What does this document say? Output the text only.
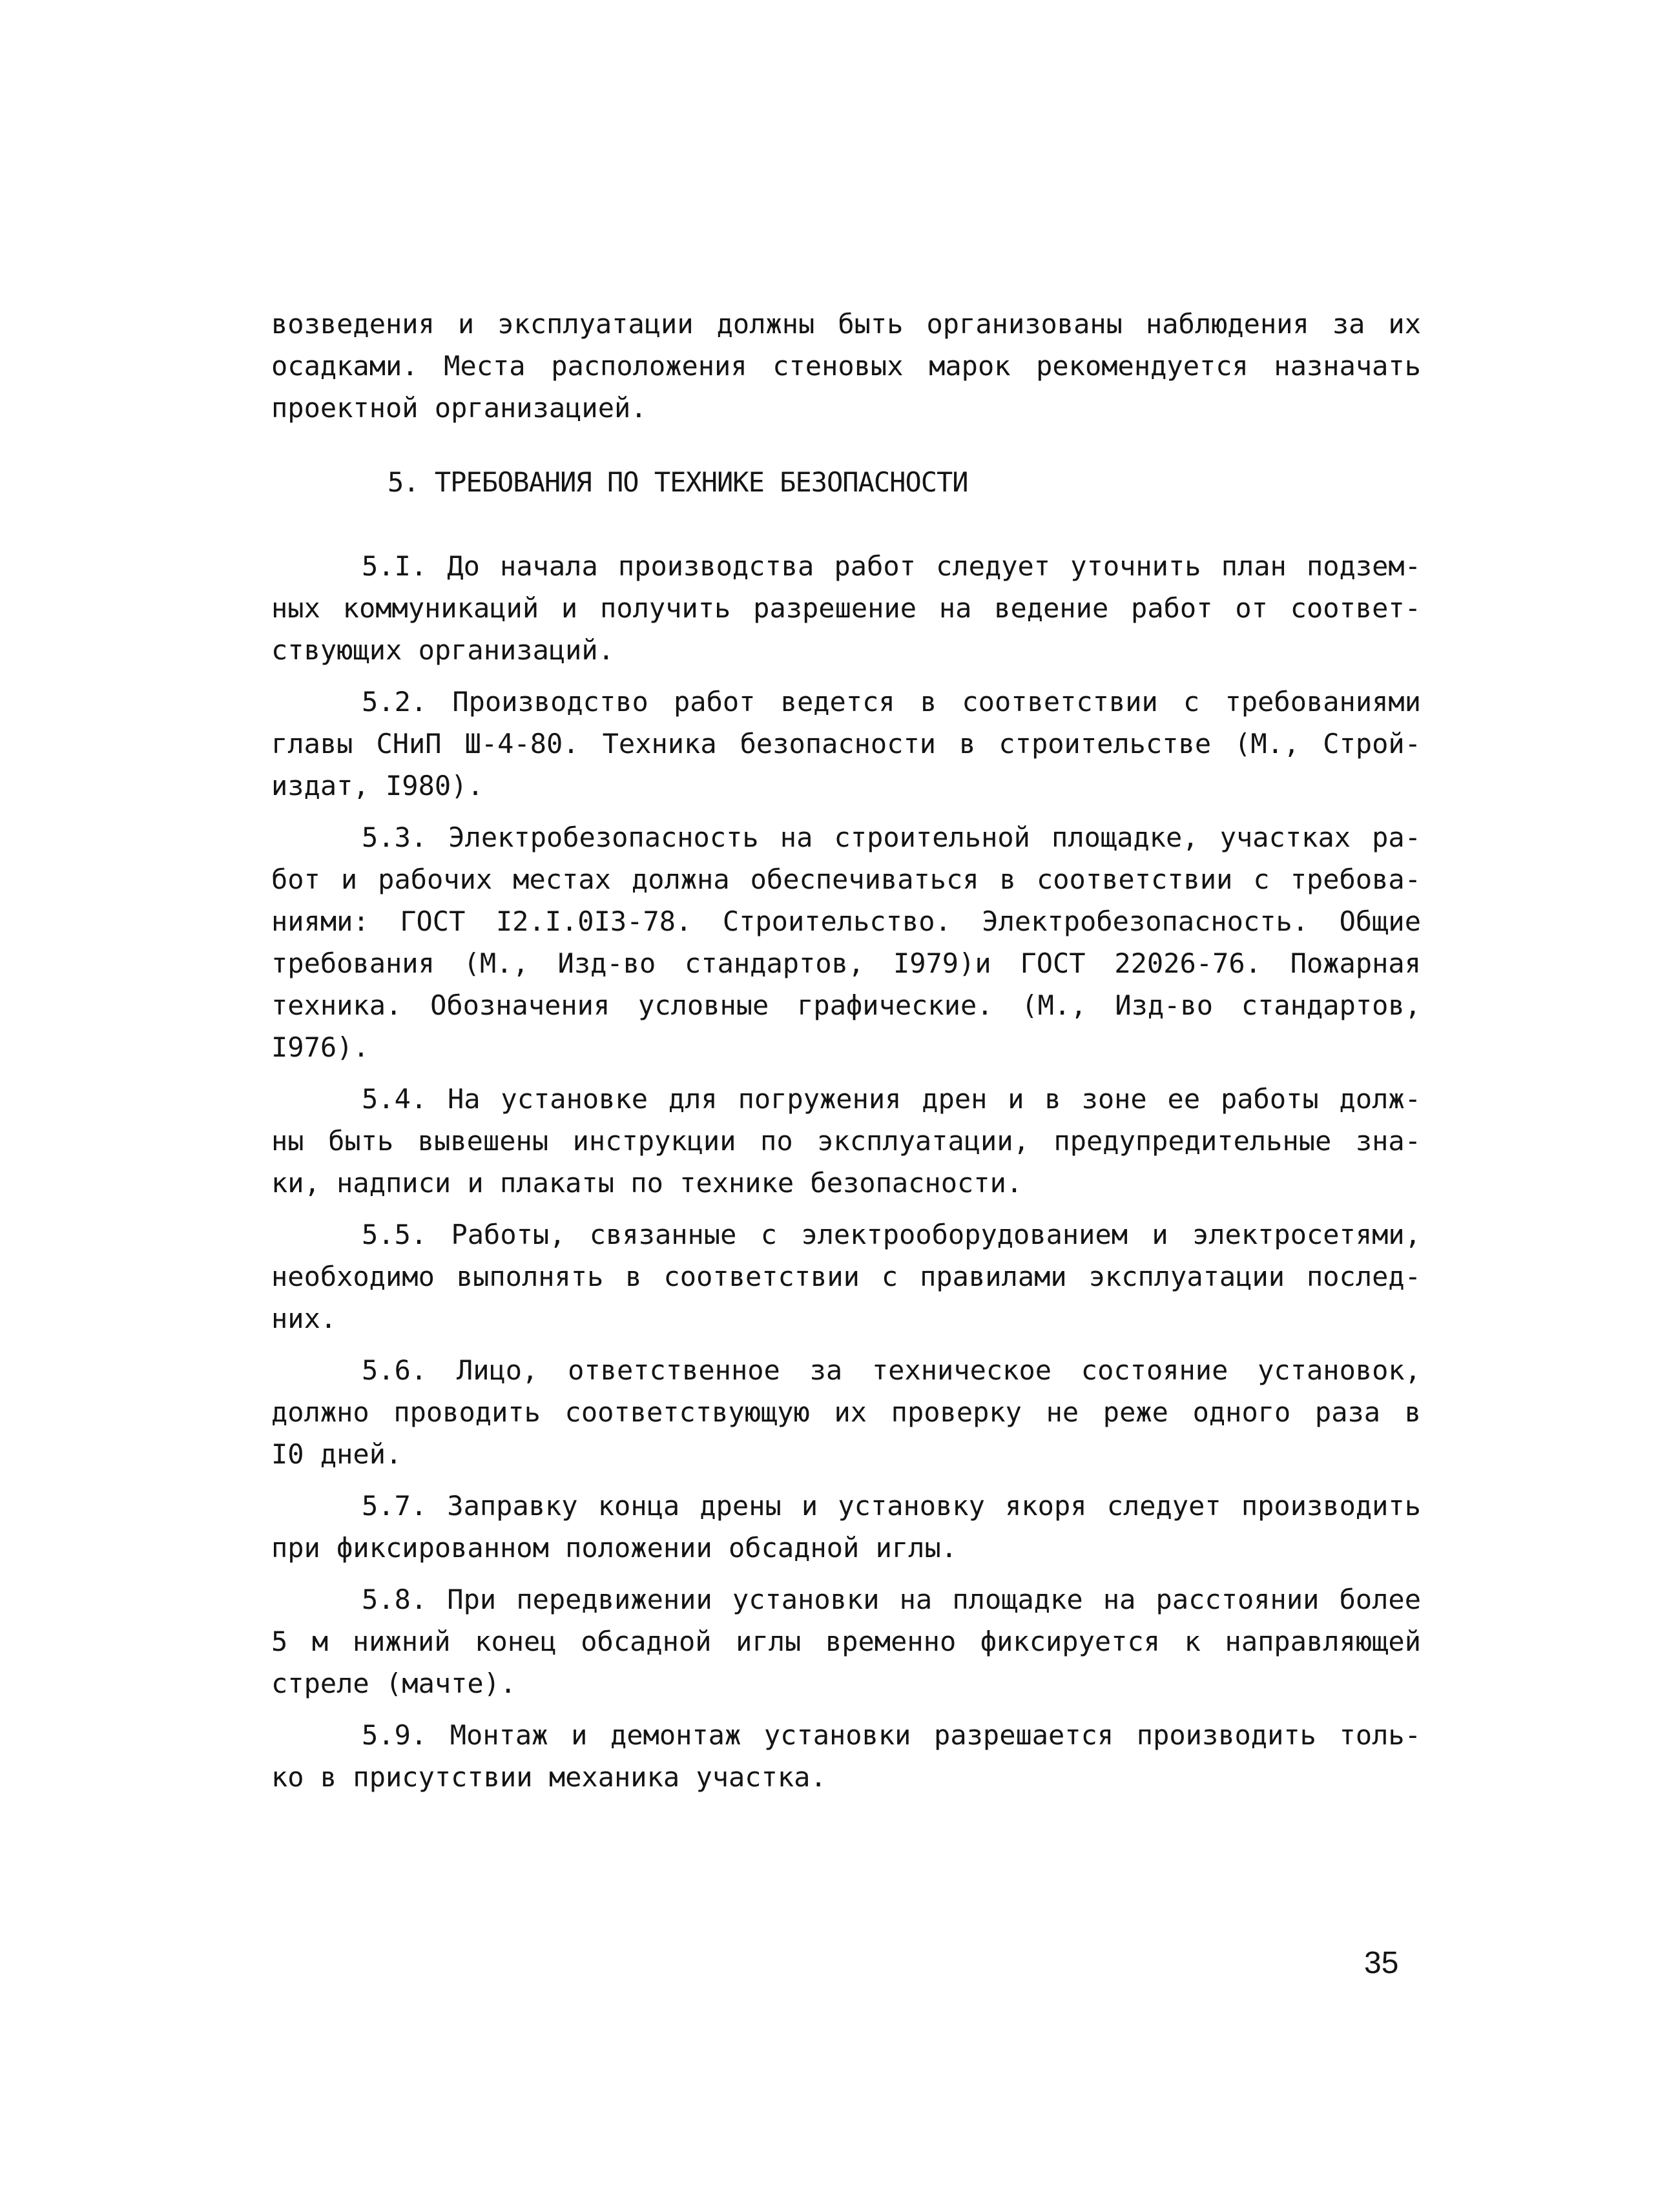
возведения и эксплуатации должны быть организованы наблюдения за их
осадками. Места расположения стеновых марок рекомендуется назначать
проектной организацией.
5. ТРЕБОВАНИЯ ПО ТЕХНИКЕ БЕЗОПАСНОСТИ
5.I. До начала производства работ следует уточнить план подзем-
ных коммуникаций и получить разрешение на ведение работ от соответ-
ствующих организаций.
5.2. Производство работ ведется в соответствии с требованиями
главы СНиП Ш-4-80. Техника безопасности в строительстве (М., Строй-
издат, I980).
5.3. Электробезопасность на строительной площадке, участках ра-
бот и рабочих местах должна обеспечиваться в соответствии с требова-
ниями: ГОСТ I2.I.0I3-78. Строительство. Электробезопасность. Общие
требования (М., Изд-во стандартов, I979)и ГОСТ 22026-76. Пожарная
техника. Обозначения условные графические. (М., Изд-во стандартов,
I976).
5.4. На установке для погружения дрен и в зоне ее работы долж-
ны быть вывешены инструкции по эксплуатации, предупредительные зна-
ки, надписи и плакаты по технике безопасности.
5.5. Работы, связанные с электрооборудованием и электросетями,
необходимо выполнять в соответствии с правилами эксплуатации послед-
них.
5.6. Лицо, ответственное за техническое состояние установок,
должно проводить соответствующую их проверку не реже одного раза в
I0 дней.
5.7. Заправку конца дрены и установку якоря следует производить
при фиксированном положении обсадной иглы.
5.8. При передвижении установки на площадке на расстоянии более
5 м нижний конец обсадной иглы временно фиксируется к направляющей
стреле (мачте).
5.9. Монтаж и демонтаж установки разрешается производить толь-
ко в присутствии механика участка.
35
